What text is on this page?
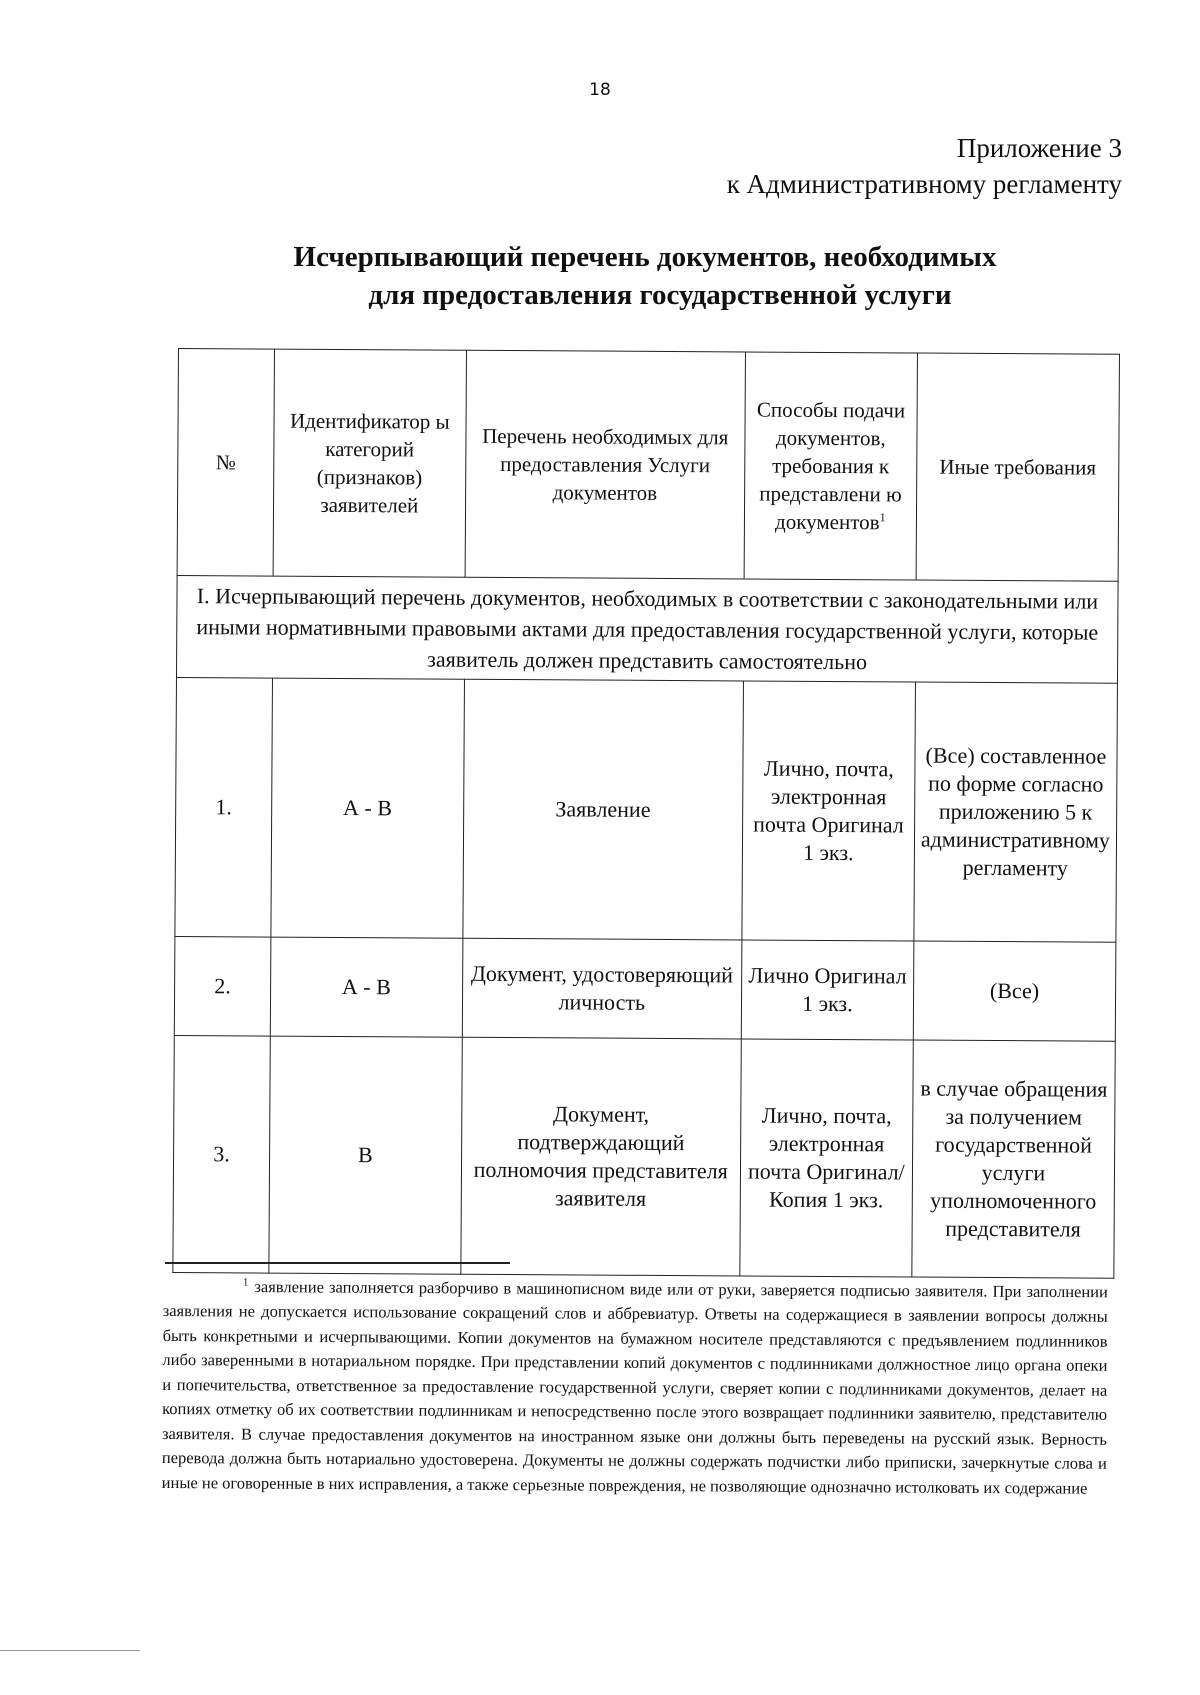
18
Приложение 3
к Административному регламенту
Исчерпывающий перечень документов, необходимых
для предоставления государственной услуги
№	Идентификатор ы категорий (признаков) заявителей	Перечень необходимых для предоставления Услуги документов	Способы подачи документов, требования к представлени ю документов$^1$	Иные требования
I. Исчерпывающий перечень документов, необходимых в соответствии с законодательными или иными нормативными правовыми актами для предоставления государственной услуги, которые заявитель должен представить самостоятельно				
1.	А - В	Заявление	Лично, почта, электронная почта Оригинал 1 экз.	(Все) составленное по форме согласно приложению 5 к административному регламенту
2.	А - В	Документ, удостоверяющий личность	Лично Оригинал 1 экз.	(Все)
3.	В	Документ, подтверждающий полномочия представителя заявителя	Лично, почта, электронная почта Оригинал/Копия 1 экз.	в случае обращения за получением государственной услуги уполномоченного представителя
$^1$ заявление заполняется разборчиво в машинописном виде или от руки, заверяется подписью заявителя. При заполнении заявления не допускается использование сокращений слов и аббревиатур. Ответы на содержащиеся в заявлении вопросы должны быть конкретными и исчерпывающими. Копии документов на бумажном носителе представляются с предъявлением подлинников либо заверенными в нотариальном порядке. При представлении копий документов с подлинниками должностное лицо органа опеки и попечительства, ответственное за предоставление государственной услуги, сверяет копии с подлинниками документов, делает на копиях отметку об их соответствии подлинникам и непосредственно после этого возвращает подлинники заявителю, представителю заявителя. В случае предоставления документов на иностранном языке они должны быть переведены на русский язык. Верность перевода должна быть нотариально удостоверена. Документы не должны содержать подчистки либо приписки, зачеркнутые слова и иные не оговоренные в них исправления, а также серьезные повреждения, не позволяющие однозначно истолковать их содержание
